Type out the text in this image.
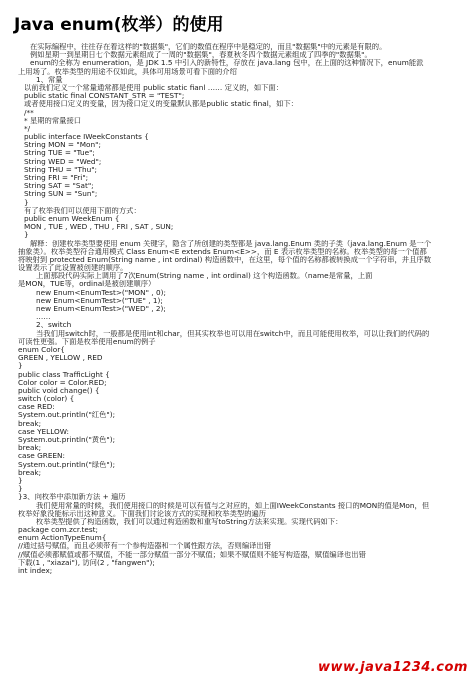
Java enum(枚举）的使用
在实际编程中，往往存在着这样的"数据集"，它们的数值在程序中是稳定的，而且"数据集"中的元素是有限的。
例如星期一到星期日七个数据元素组成了一周的"数据集"，春夏秋冬四个数据元素组成了四季的"数据集"。
enum的全称为 enumeration，是 JDK 1.5 中引入的新特性，存放在 java.lang 包中，在上面的这种情况下，enum能派
上用场了。枚举类型的用途不仅如此，具体可用场景可看下面的介绍
1、常量
以前我们定义一个常量通常都是使用 public static fianl …… 定义的，如下面：
public static final CONSTANT_STR = "TEST";
或者使用接口定义的变量，因为接口定义的变量默认都是public static final，如下：
/**
* 星期的常量接口
*/
public interface IWeekConstants {
String MON = "Mon";
String TUE = "Tue";
String WED = "Wed";
String THU = "Thu";
String FRI = "Fri";
String SAT = "Sat";
String SUN = "Sun";
}
有了枚举我们可以使用下面的方式：
public enum WeekEnum {
MON , TUE , WED , THU , FRI , SAT , SUN;
}
解释：创建枚举类型要使用 enum 关键字，隐含了所创建的类型都是 java.lang.Enum 类的子类（java.lang.Enum 是一个
抽象类）。枚举类型符合通用模式 Class Enum<E extends Enum<E>>，而 E 表示枚举类型的名称。枚举类型的每一个值都
将映射到 protected Enum(String name , int ordinal) 构造函数中，在这里，每个值的名称都被转换成一个字符串，并且序数
设置表示了此设置被创建的顺序。
上面那段代码实际上调用了7次Enum(String name , int ordinal) 这个构造函数。（name是常量，上面
是MON，TUE等，ordinal是被创建顺序）
new Enum<EnumTest>("MON" , 0);
new Enum<EnumTest>("TUE" , 1);
new Enum<EnumTest>("WED" , 2);
……
2、switch
当我们用switch时，一般都是使用int和char，但其实枚举也可以用在switch中，而且可能使用枚举，可以让我们的代码的
可读性更强。下面是枚举使用enum的例子
enum Color{
GREEN , YELLOW , RED
}
public class TrafficLight {
Color color = Color.RED;
public void change() {
switch (color) {
case RED:
System.out.println("红色");
break;
case YELLOW:
System.out.println("黄色");
break;
case GREEN:
System.out.println("绿色");
break;
}
}
}3、向枚举中添加新方法 + 遍历
我们使用常量的时候，我们使用接口的时候是可以有值与之对应的，如上面IWeekConstants 接口的MON的值是Mon，但
枚举好象没能标示出这种意义。下面我们讨论该方式的实现和枚举类型的遍历
枚举类型提供了构造函数，我们可以通过构造函数和重写toString方法来实现。实现代码如下：
package com.zcr.test;
enum ActionTypeEnum{
//通过括号赋值，而且必须带有一个参构造器和一个属性跟方法，否则编译出错
//赋值必须都赋值或都不赋值，不能一部分赋值一部分不赋值；如果不赋值则不能写构造器，赋值编译也出错
下载(1 , "xiazai"), 访问(2 , "fangwen");
int index;
www.java1234.com
